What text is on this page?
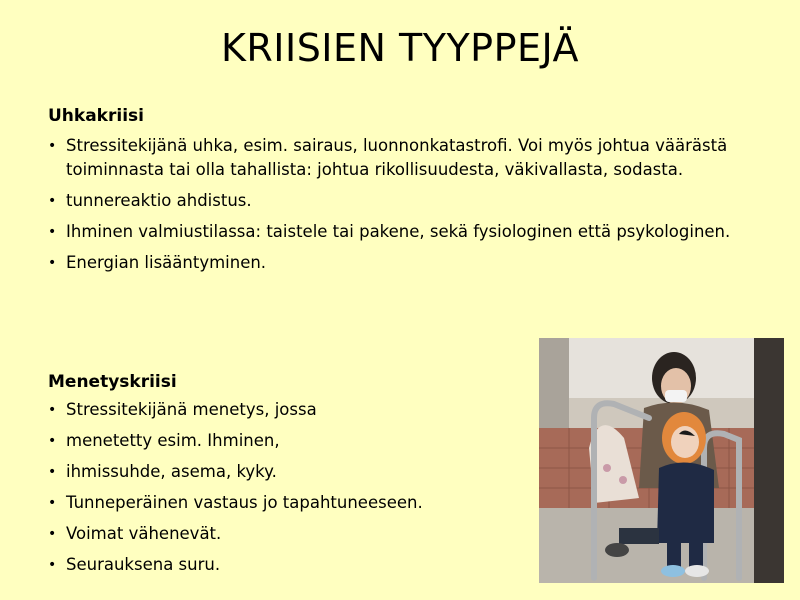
KRIISIEN TYYPPEJÄ
Uhkakriisi
• Stressitekijänä uhka, esim. sairaus, luonnonkatastrofi. Voi myös johtua väärästä toiminnasta tai olla tahallista: johtua rikollisuudesta, väkivallasta, sodasta.
• tunnereaktio ahdistus.
• Ihminen valmiustilassa: taistele tai pakene, sekä fysiologinen että psykologinen.
• Energian lisääntyminen.
Menetyskriisi
• Stressitekijänä menetys, jossa
• menetetty esim. Ihminen,
• ihmissuhde, asema, kyky.
• Tunneperäinen vastaus jo tapahtuneeseen.
• Voimat vähenevät.
• Seurauksena suru.
